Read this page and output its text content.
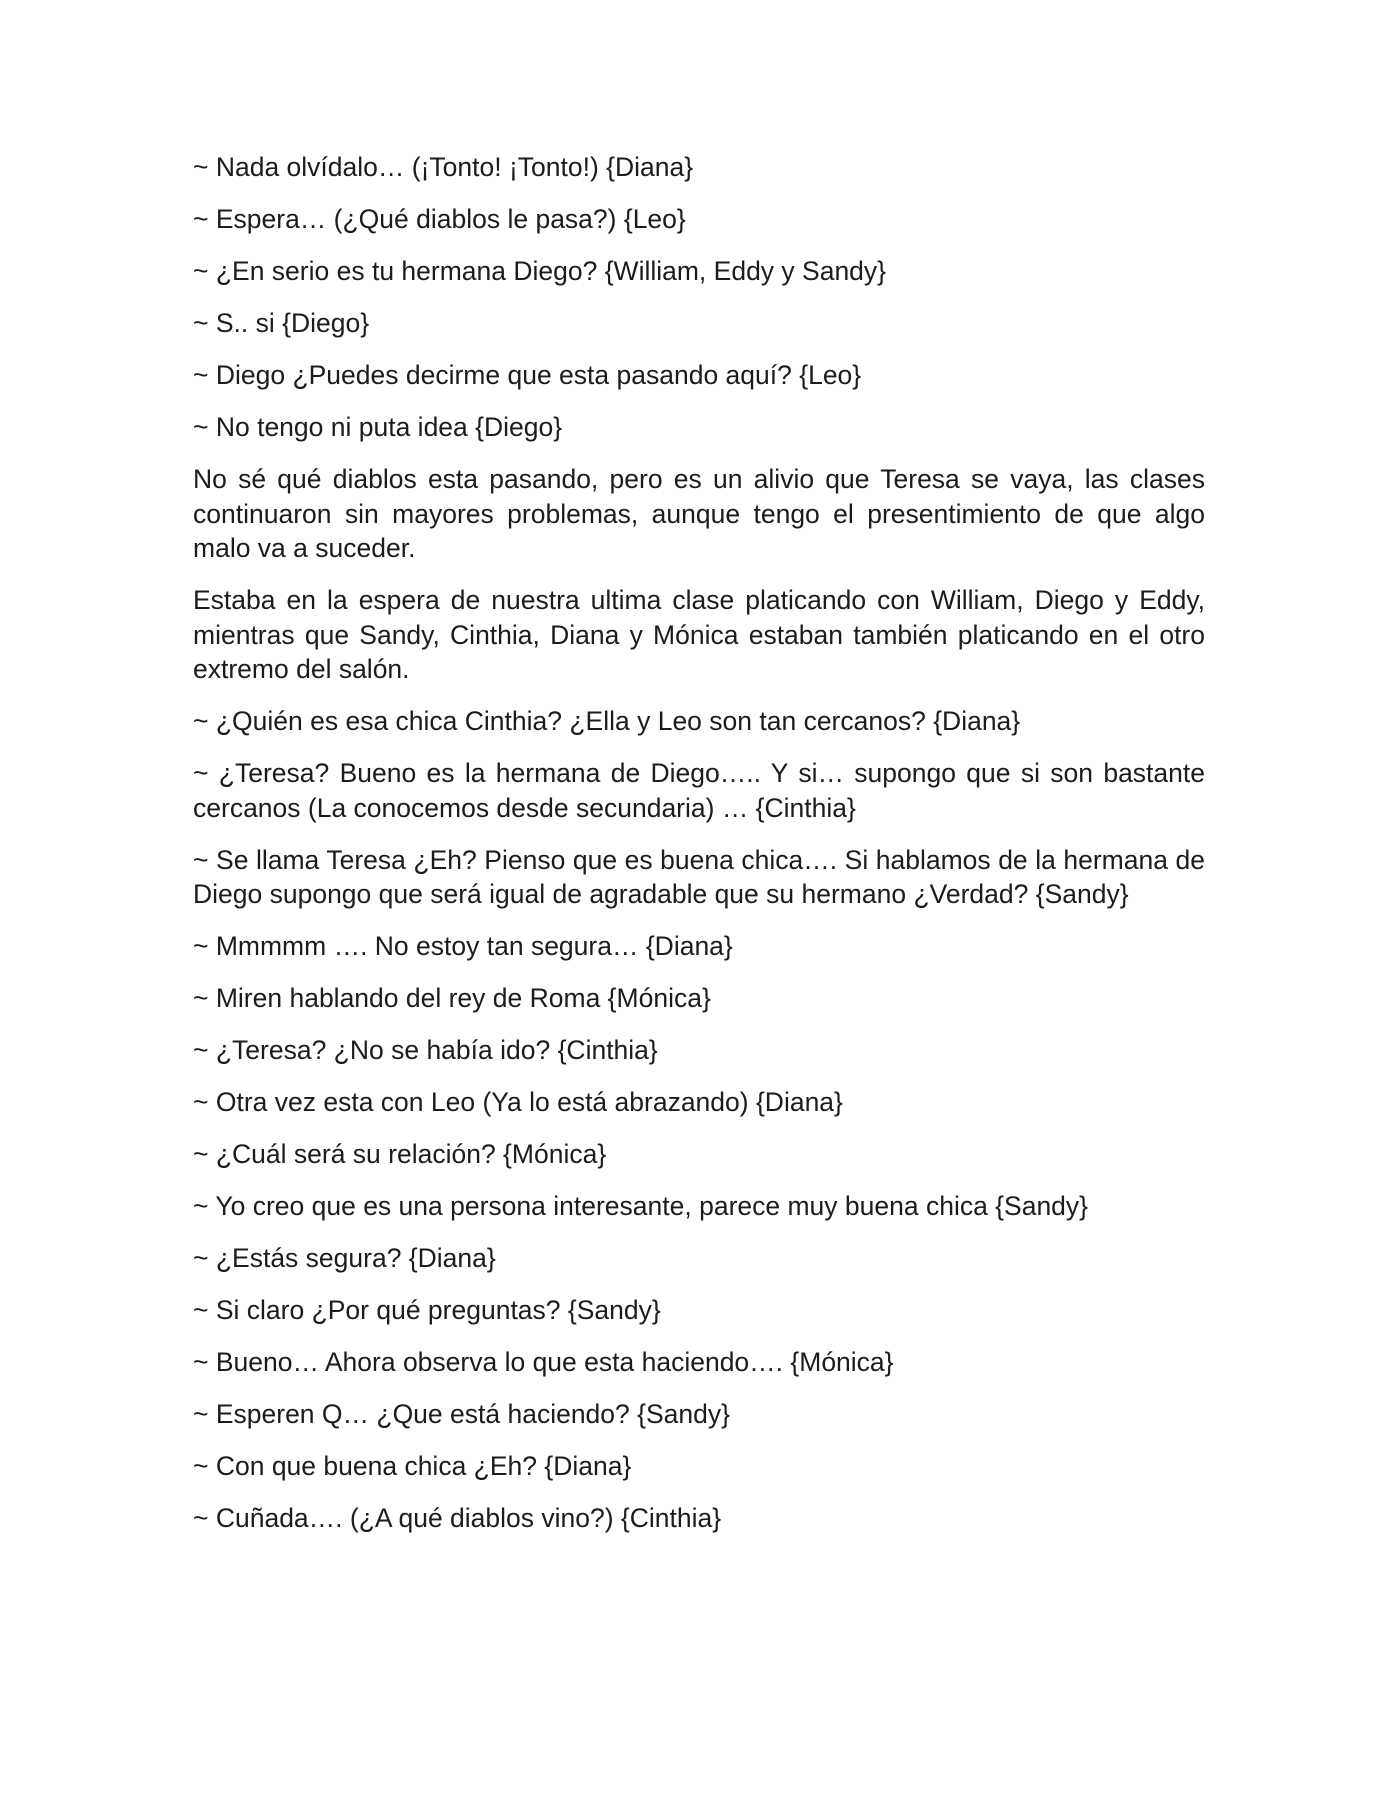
~ Nada olvídalo… (¡Tonto! ¡Tonto!) {Diana}

~ Espera… (¿Qué diablos le pasa?) {Leo}

~ ¿En serio es tu hermana Diego? {William, Eddy y Sandy}

~ S.. si {Diego}

~ Diego ¿Puedes decirme que esta pasando aquí? {Leo}

~ No tengo ni puta idea {Diego}

No sé qué diablos esta pasando, pero es un alivio que Teresa se vaya, las clases continuaron sin mayores problemas, aunque tengo el presentimiento de que algo malo va a suceder.

Estaba en la espera de nuestra ultima clase platicando con William, Diego y Eddy, mientras que Sandy, Cinthia, Diana y Mónica estaban también platicando en el otro extremo del salón.

~ ¿Quién es esa chica Cinthia? ¿Ella y Leo son tan cercanos? {Diana}

~ ¿Teresa? Bueno es la hermana de Diego….. Y si… supongo que si son bastante cercanos (La conocemos desde secundaria) … {Cinthia}

~ Se llama Teresa ¿Eh? Pienso que es buena chica…. Si hablamos de la hermana de Diego supongo que será igual de agradable que su hermano ¿Verdad? {Sandy}

~ Mmmmm …. No estoy tan segura… {Diana}

~ Miren hablando del rey de Roma {Mónica}

~ ¿Teresa? ¿No se había ido? {Cinthia}

~ Otra vez esta con Leo (Ya lo está abrazando) {Diana}

~ ¿Cuál será su relación? {Mónica}

~ Yo creo que es una persona interesante, parece muy buena chica {Sandy}

~ ¿Estás segura? {Diana}

~ Si claro ¿Por qué preguntas? {Sandy}

~ Bueno… Ahora observa lo que esta haciendo…. {Mónica}

~ Esperen Q… ¿Que está haciendo? {Sandy}

~ Con que buena chica ¿Eh? {Diana}

~ Cuñada…. (¿A qué diablos vino?) {Cinthia}
